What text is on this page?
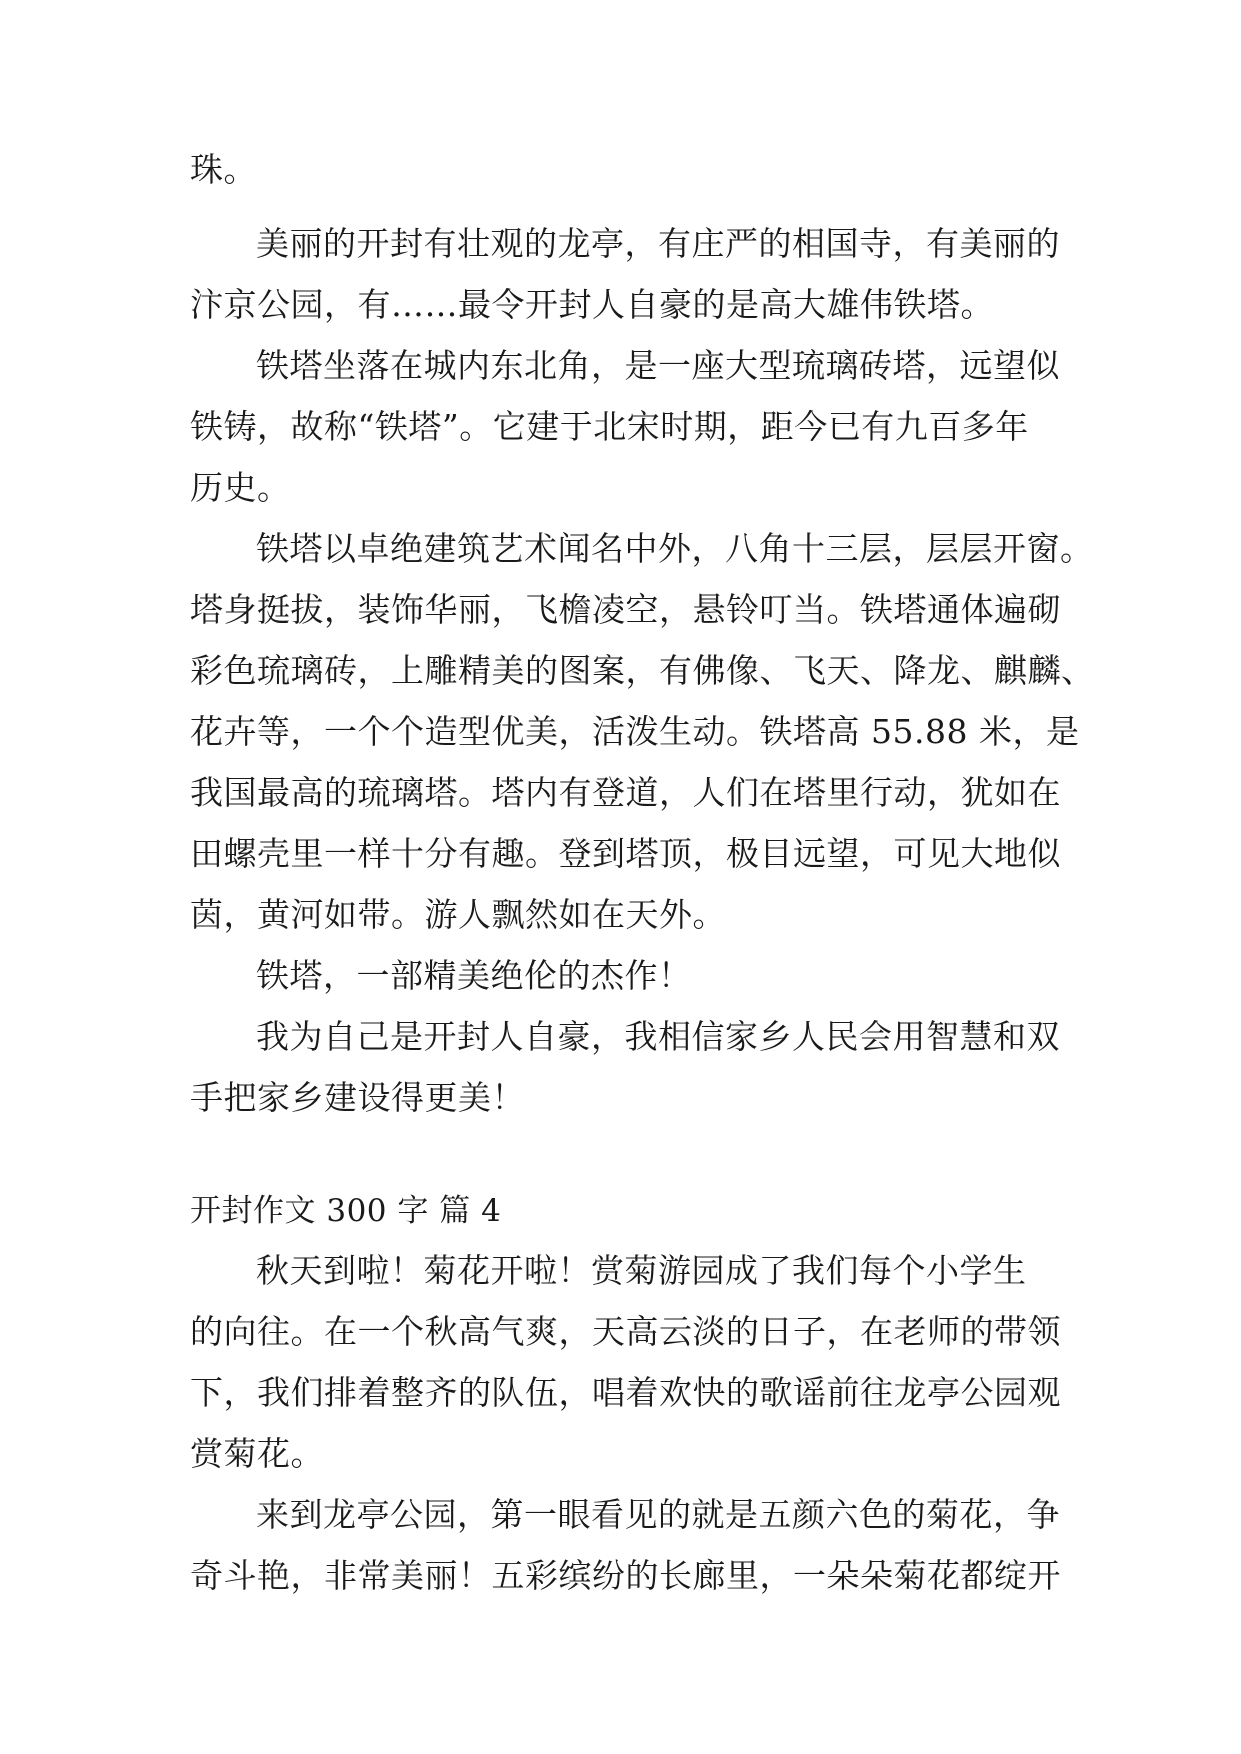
珠。
美丽的开封有壮观的龙亭，有庄严的相国寺，有美丽的
汴京公园，有……最令开封人自豪的是高大雄伟铁塔。
铁塔坐落在城内东北角，是一座大型琉璃砖塔，远望似
铁铸，故称“铁塔”。它建于北宋时期，距今已有九百多年
历史。
铁塔以卓绝建筑艺术闻名中外，八角十三层，层层开窗。
塔身挺拔，装饰华丽，飞檐凌空，悬铃叮当。铁塔通体遍砌
彩色琉璃砖，上雕精美的图案，有佛像、飞天、降龙、麒麟、
花卉等，一个个造型优美，活泼生动。铁塔高 55.88 米，是
我国最高的琉璃塔。塔内有登道，人们在塔里行动，犹如在
田螺壳里一样十分有趣。登到塔顶，极目远望，可见大地似
茵，黄河如带。游人飘然如在天外。
铁塔，一部精美绝伦的杰作！
我为自己是开封人自豪，我相信家乡人民会用智慧和双
手把家乡建设得更美！
开封作文 300 字 篇 4
秋天到啦！菊花开啦！赏菊游园成了我们每个小学生
的向往。在一个秋高气爽，天高云淡的日子，在老师的带领
下，我们排着整齐的队伍，唱着欢快的歌谣前往龙亭公园观
赏菊花。
来到龙亭公园，第一眼看见的就是五颜六色的菊花，争
奇斗艳，非常美丽！五彩缤纷的长廊里，一朵朵菊花都绽开
